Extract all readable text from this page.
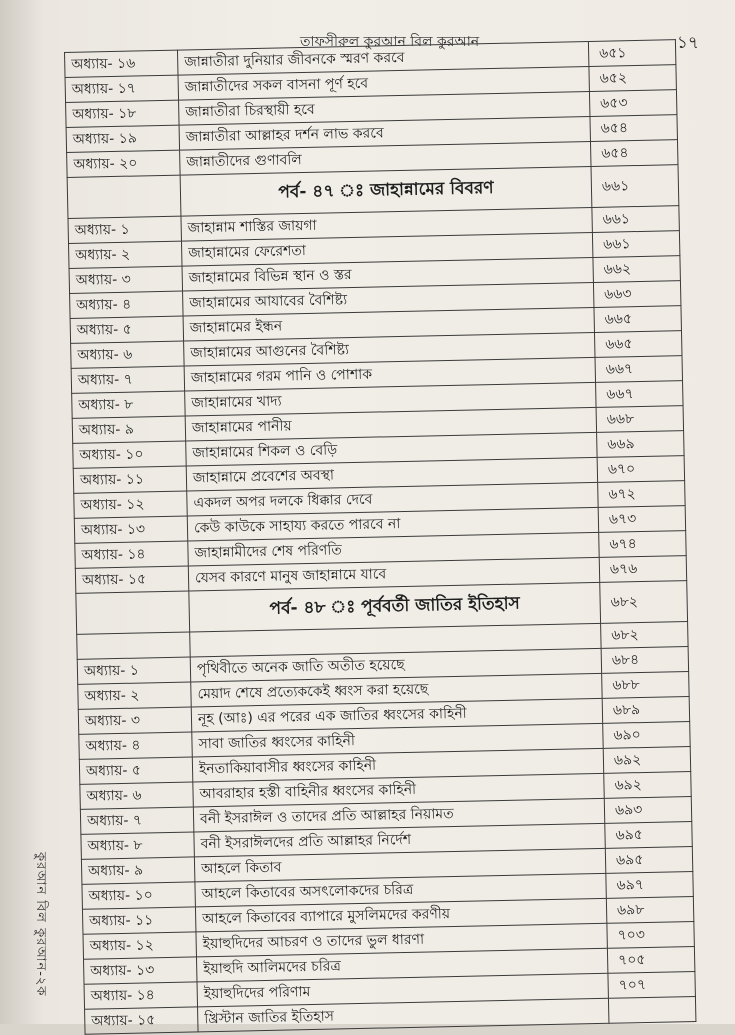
তাফসীরুল কুরআন বিল কুরআন	১৭
কুরআন বিল কুরআন-২ক
অধ্যায়- ১৬	জান্নাতীরা দুনিয়ার জীবনকে স্মরণ করবে	৬৫১
অধ্যায়- ১৭	জান্নাতীদের সকল বাসনা পূর্ণ হবে	৬৫২
অধ্যায়- ১৮	জান্নাতীরা চিরস্থায়ী হবে	৬৫৩
অধ্যায়- ১৯	জান্নাতীরা আল্লাহর দর্শন লাভ করবে	৬৫৪
অধ্যায়- ২০	জান্নাতীদের গুণাবলি	৬৫৪
	পর্ব- ৪৭ ঃ জাহান্নামের বিবরণ	৬৬১
অধ্যায়- ১	জাহান্নাম শাস্তির জায়গা	৬৬১
অধ্যায়- ২	জাহান্নামের ফেরেশতা	৬৬১
অধ্যায়- ৩	জাহান্নামের বিভিন্ন স্থান ও স্তর	৬৬২
অধ্যায়- ৪	জাহান্নামের আযাবের বৈশিষ্ট্য	৬৬৩
অধ্যায়- ৫	জাহান্নামের ইন্ধন	৬৬৫
অধ্যায়- ৬	জাহান্নামের আগুনের বৈশিষ্ট্য	৬৬৫
অধ্যায়- ৭	জাহান্নামের গরম পানি ও পোশাক	৬৬৭
অধ্যায়- ৮	জাহান্নামের খাদ্য	৬৬৭
অধ্যায়- ৯	জাহান্নামের পানীয়	৬৬৮
অধ্যায়- ১০	জাহান্নামের শিকল ও বেড়ি	৬৬৯
অধ্যায়- ১১	জাহান্নামে প্রবেশের অবস্থা	৬৭০
অধ্যায়- ১২	একদল অপর দলকে ধিক্কার দেবে	৬৭২
অধ্যায়- ১৩	কেউ কাউকে সাহায্য করতে পারবে না	৬৭৩
অধ্যায়- ১৪	জাহান্নামীদের শেষ পরিণতি	৬৭৪
অধ্যায়- ১৫	যেসব কারণে মানুষ জাহান্নামে যাবে	৬৭৬
	পর্ব- ৪৮ ঃ পূর্ববর্তী জাতির ইতিহাস	৬৮২
		৬৮২
অধ্যায়- ১	পৃথিবীতে অনেক জাতি অতীত হয়েছে	৬৮৪
অধ্যায়- ২	মেয়াদ শেষে প্রত্যেককেই ধ্বংস করা হয়েছে	৬৮৮
অধ্যায়- ৩	নূহ (আঃ) এর পরের এক জাতির ধ্বংসের কাহিনী	৬৮৯
অধ্যায়- ৪	সাবা জাতির ধ্বংসের কাহিনী	৬৯০
অধ্যায়- ৫	ইনতাকিয়াবাসীর ধ্বংসের কাহিনী	৬৯২
অধ্যায়- ৬	আবরাহার হস্তী বাহিনীর ধ্বংসের কাহিনী	৬৯২
অধ্যায়- ৭	বনী ইসরাঈল ও তাদের প্রতি আল্লাহর নিয়ামত	৬৯৩
অধ্যায়- ৮	বনী ইসরাঈলদের প্রতি আল্লাহর নির্দেশ	৬৯৫
অধ্যায়- ৯	আহলে কিতাব	৬৯৫
অধ্যায়- ১০	আহলে কিতাবের অসৎলোকদের চরিত্র	৬৯৭
অধ্যায়- ১১	আহলে কিতাবের ব্যাপারে মুসলিমদের করণীয়	৬৯৮
অধ্যায়- ১২	ইয়াহুদিদের আচরণ ও তাদের ভুল ধারণা	৭০৩
অধ্যায়- ১৩	ইয়াহুদি আলিমদের চরিত্র	৭০৫
অধ্যায়- ১৪	ইয়াহুদিদের পরিণাম	৭০৭
অধ্যায়- ১৫	খ্রিস্টান জাতির ইতিহাস	
